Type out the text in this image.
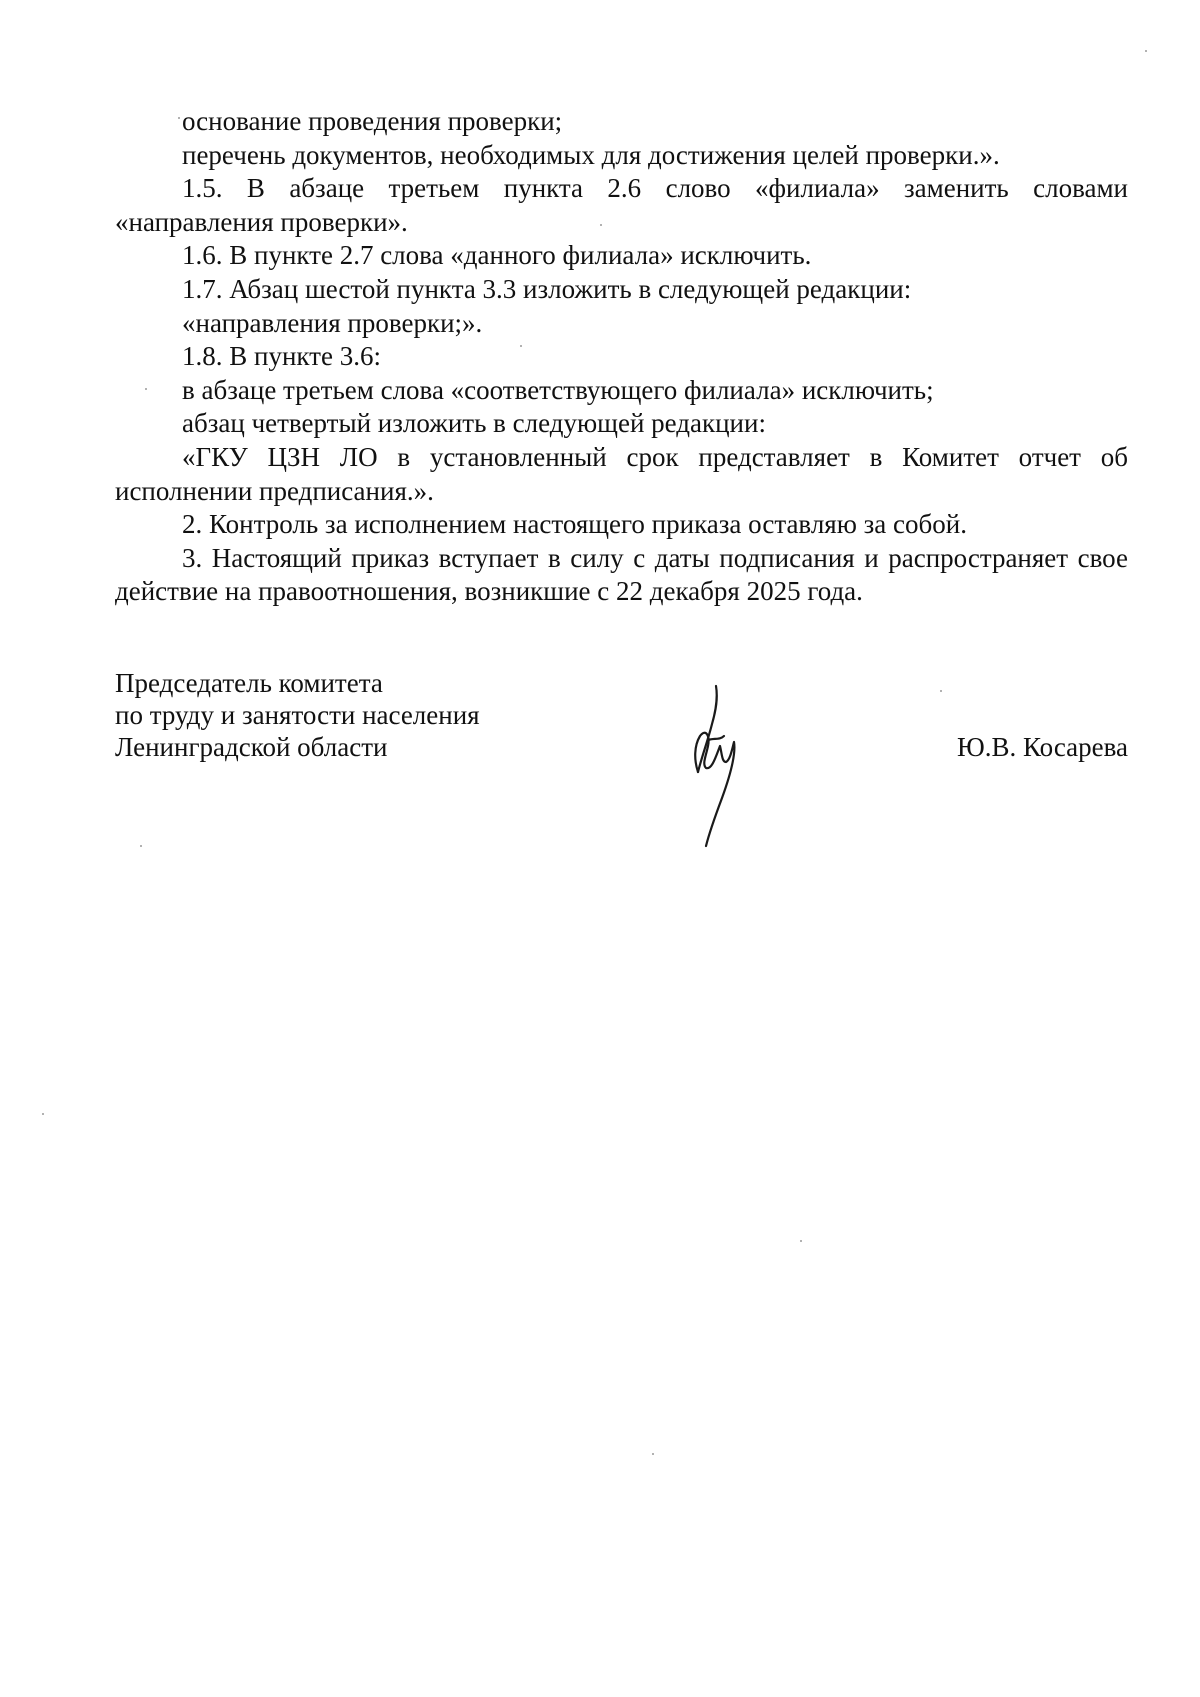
основание проведения проверки;

перечень документов, необходимых для достижения целей проверки.».

1.5. В абзаце третьем пункта 2.6 слово «филиала» заменить словами «направления проверки».

1.6. В пункте 2.7 слова «данного филиала» исключить.

1.7. Абзац шестой пункта 3.3 изложить в следующей редакции:

«направления проверки;».

1.8. В пункте 3.6:

в абзаце третьем слова «соответствующего филиала» исключить;

абзац четвертый изложить в следующей редакции:

«ГКУ ЦЗН ЛО в установленный срок представляет в Комитет отчет об исполнении предписания.».

2. Контроль за исполнением настоящего приказа оставляю за собой.

3. Настоящий приказ вступает в силу с даты подписания и распространяет свое действие на правоотношения, возникшие с 22 декабря 2025 года.

Председатель комитета
по труду и занятости населения
Ленинградской области	Ю.В. Косарева
